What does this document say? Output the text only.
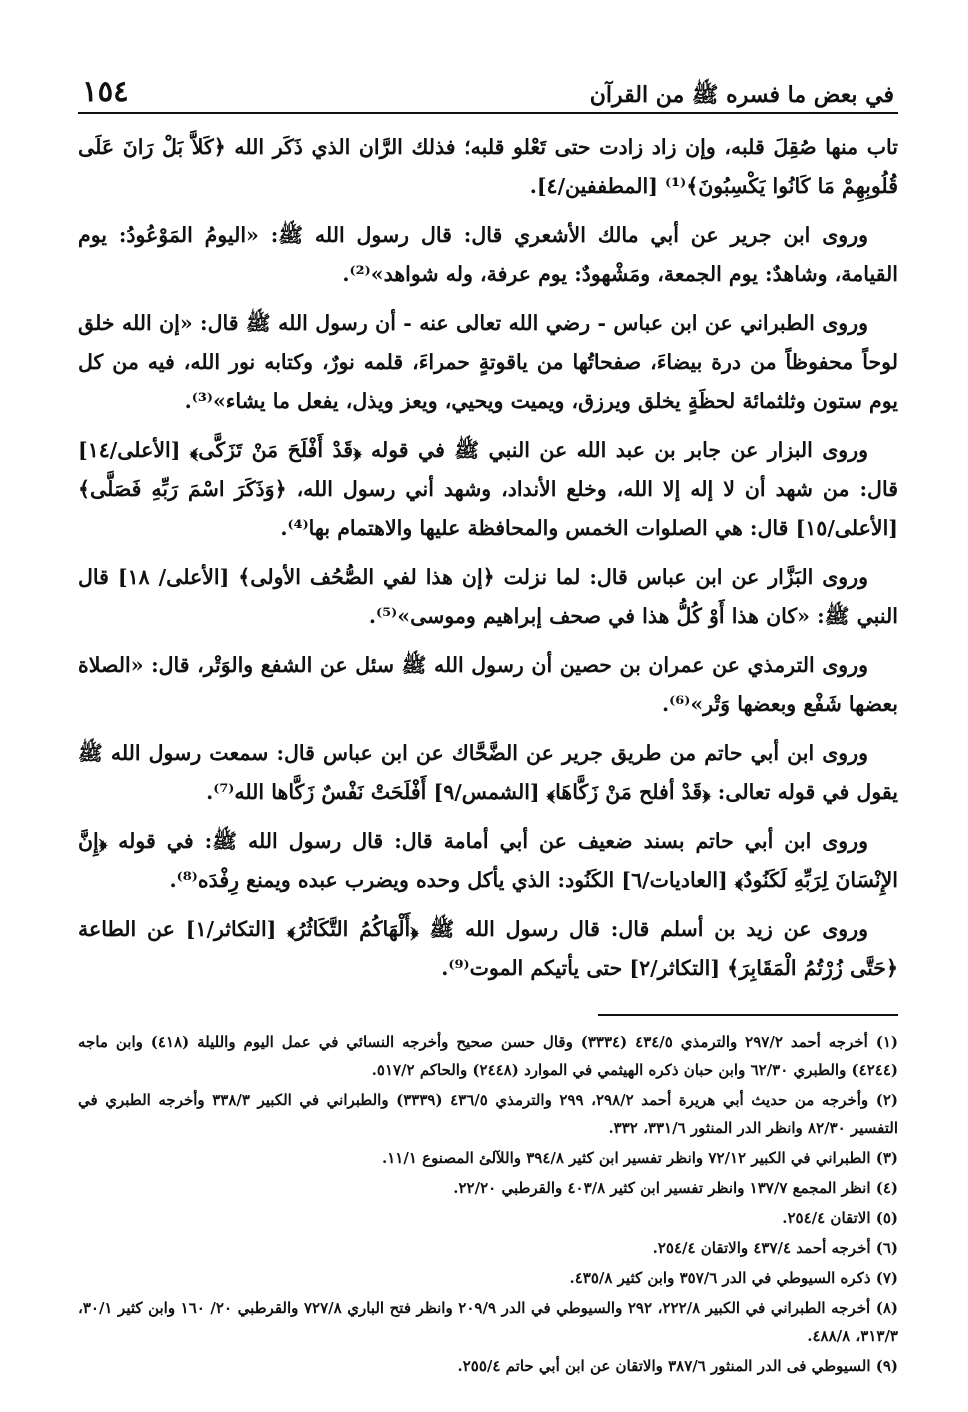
في بعض ما فسره ﷺ من القرآن
١٥٤

تاب منها صُقِلَ قلبه، وإن زاد زادت حتى تَعْلو قلبه؛ فذلك الرَّان الذي ذَكَر الله ﴿كَلاَّ بَلْ رَانَ عَلَى قُلُوبِهِمْ مَا كَانُوا يَكْسِبُونَ﴾⁽¹⁾ [المطففين/٤].

وروى ابن جرير عن أبي مالك الأشعري قال: قال رسول الله ﷺ: «اليومُ المَوْعُودُ: يوم القيامة، وشاهدٌ: يوم الجمعة، ومَشْهودٌ: يوم عرفة، وله شواهد»⁽²⁾.

وروى الطبراني عن ابن عباس - رضي الله تعالى عنه - أن رسول الله ﷺ قال: «إن الله خلق لوحاً محفوظاً من درة بيضاءَ، صفحاتُها من ياقوتةٍ حمراءَ، قلمه نورٌ، وكتابه نور الله، فيه من كل يوم ستون وثلثمائة لحظَةٍ يخلق ويرزق، ويميت ويحيي، ويعز ويذل، يفعل ما يشاء»⁽³⁾.

وروى البزار عن جابر بن عبد الله عن النبي ﷺ في قوله ﴿قَدْ أَفْلَحَ مَنْ تَزَكَّى﴾ [الأعلى/١٤] قال: من شهد أن لا إله إلا الله، وخلع الأنداد، وشهد أني رسول الله، ﴿وَذَكَرَ اسْمَ رَبِّهِ فَصَلَّى﴾ [الأعلى/١٥] قال: هي الصلوات الخمس والمحافظة عليها والاهتمام بها⁽⁴⁾.

وروى البَزَّار عن ابن عباس قال: لما نزلت ﴿إن هذا لفي الصُّحُف الأولى﴾ [الأعلى/ ١٨] قال النبي ﷺ: «كان هذا أَوْ كُلُّ هذا في صحف إبراهيم وموسى»⁽⁵⁾.

وروى الترمذي عن عمران بن حصين أن رسول الله ﷺ سئل عن الشفع والوَتْر، قال: «الصلاة بعضها شَفْع وبعضها وَتْر»⁽⁶⁾.

وروى ابن أبي حاتم من طريق جرير عن الضَّحَّاك عن ابن عباس قال: سمعت رسول الله ﷺ يقول في قوله تعالى: ﴿قَدْ أفلح مَنْ زَكَّاهَا﴾ [الشمس/٩] أَفْلَحَتْ نَفْسٌ زَكَّاها الله⁽⁷⁾.

وروى ابن أبي حاتم بسند ضعيف عن أبي أمامة قال: قال رسول الله ﷺ: في قوله ﴿إِنَّ الإِنْسَانَ لِرَبِّهِ لَكَنُودٌ﴾ [العاديات/٦] الكَنُود: الذي يأكل وحده ويضرب عبده ويمنع رِفْدَه⁽⁸⁾.

وروى عن زيد بن أسلم قال: قال رسول الله ﷺ ﴿أَلْهَاكُمُ التَّكَاثُرُ﴾ [التكاثر/١] عن الطاعة ﴿حَتَّى زُرْتُمُ الْمَقَابِرَ﴾ [التكاثر/٢] حتى يأتيكم الموت⁽⁹⁾.

(١) أخرجه أحمد ٢٩٧/٢ والترمذي ٤٣٤/٥ (٣٣٣٤) وقال حسن صحيح وأخرجه النسائي في عمل اليوم والليلة (٤١٨) وابن ماجه (٤٢٤٤) والطبري ٦٢/٣٠ وابن حبان ذكره الهيثمي في الموارد (٢٤٤٨) والحاكم ٥١٧/٢.

(٢) وأخرجه من حديث أبي هريرة أحمد ٢٩٨/٢، ٢٩٩ والترمذي ٤٣٦/٥ (٣٣٣٩) والطبراني في الكبير ٣٣٨/٣ وأخرجه الطبري في التفسير ٨٢/٣٠ وانظر الدر المنثور ٣٣١/٦، ٣٣٢.

(٣) الطبراني في الكبير ٧٢/١٢ وانظر تفسير ابن كثير ٣٩٤/٨ واللآلئ المصنوع ١١/١.

(٤) انظر المجمع ١٣٧/٧ وانظر تفسير ابن كثير ٤٠٣/٨ والقرطبي ٢٢/٢٠.

(٥) الاتقان ٢٥٤/٤.

(٦) أخرجه أحمد ٤٣٧/٤ والاتقان ٢٥٤/٤.

(٧) ذكره السيوطي في الدر ٣٥٧/٦ وابن كثير ٤٣٥/٨.

(٨) أخرجه الطبراني في الكبير ٢٢٢/٨، ٢٩٢ والسيوطي في الدر ٢٠٩/٩ وانظر فتح الباري ٧٢٧/٨ والقرطبي ٢٠/ ١٦٠ وابن كثير ٣٠/١، ٣١٣/٣، ٤٨٨/٨.

(٩) السيوطي فى الدر المنثور ٣٨٧/٦ والاتقان عن ابن أبي حاتم ٢٥٥/٤.
